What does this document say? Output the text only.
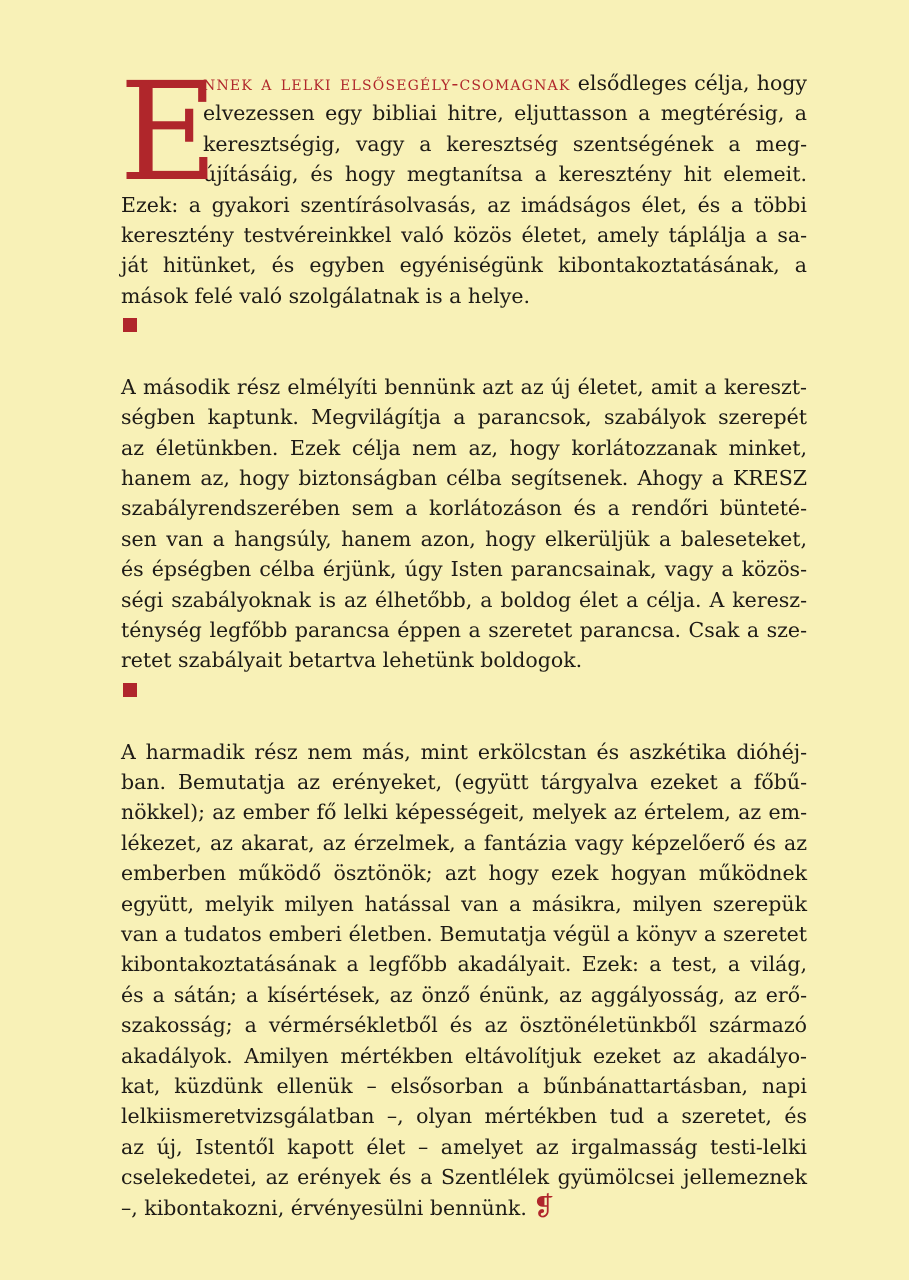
E
nnek a lelki elsősegély-csomagnak elsődleges célja, hogy
elvezessen egy bibliai hitre, eljuttasson a megtérésig, a
keresztségig, vagy a keresztség szentségének a meg-
újításáig, és hogy megtanítsa a keresztény hit elemeit.
Ezek: a gyakori szentírásolvasás, az imádságos élet, és a többi
keresztény testvéreinkkel való közös életet, amely táplálja a sa-
ját hitünket, és egyben egyéniségünk kibontakoztatásának, a
mások felé való szolgálatnak is a helye.
A második rész elmélyíti bennünk azt az új életet, amit a kereszt-
ségben kaptunk. Megvilágítja a parancsok, szabályok szerepét
az életünkben. Ezek célja nem az, hogy korlátozzanak minket,
hanem az, hogy biztonságban célba segítsenek. Ahogy a KRESZ
szabályrendszerében sem a korlátozáson és a rendőri bünteté-
sen van a hangsúly, hanem azon, hogy elkerüljük a baleseteket,
és épségben célba érjünk, úgy Isten parancsainak, vagy a közös-
ségi szabályoknak is az élhetőbb, a boldog élet a célja. A keresz-
ténység legfőbb parancsa éppen a szeretet parancsa. Csak a sze-
retet szabályait betartva lehetünk boldogok.
A harmadik rész nem más, mint erkölcstan és aszkétika dióhéj-
ban. Bemutatja az erényeket, (együtt tárgyalva ezeket a főbű-
nökkel); az ember fő lelki képességeit, melyek az értelem, az em-
lékezet, az akarat, az érzelmek, a fantázia vagy képzelőerő és az
emberben működő ösztönök; azt hogy ezek hogyan működnek
együtt, melyik milyen hatással van a másikra, milyen szerepük
van a tudatos emberi életben. Bemutatja végül a könyv a szeretet
kibontakoztatásának a legfőbb akadályait. Ezek: a test, a világ,
és a sátán; a kísértések, az önző énünk, az aggályosság, az erő-
szakosság; a vérmérsékletből és az ösztönéletünkből származó
akadályok. Amilyen mértékben eltávolítjuk ezeket az akadályo-
kat, küzdünk ellenük – elsősorban a bűnbánattartásban, napi
lelkiismeretvizsgálatban –, olyan mértékben tud a szeretet, és
az új, Istentől kapott élet – amelyet az irgalmasság testi-lelki
cselekedetei, az erények és a Szentlélek gyümölcsei jellemeznek
–, kibontakozni, érvényesülni bennünk. ❡
